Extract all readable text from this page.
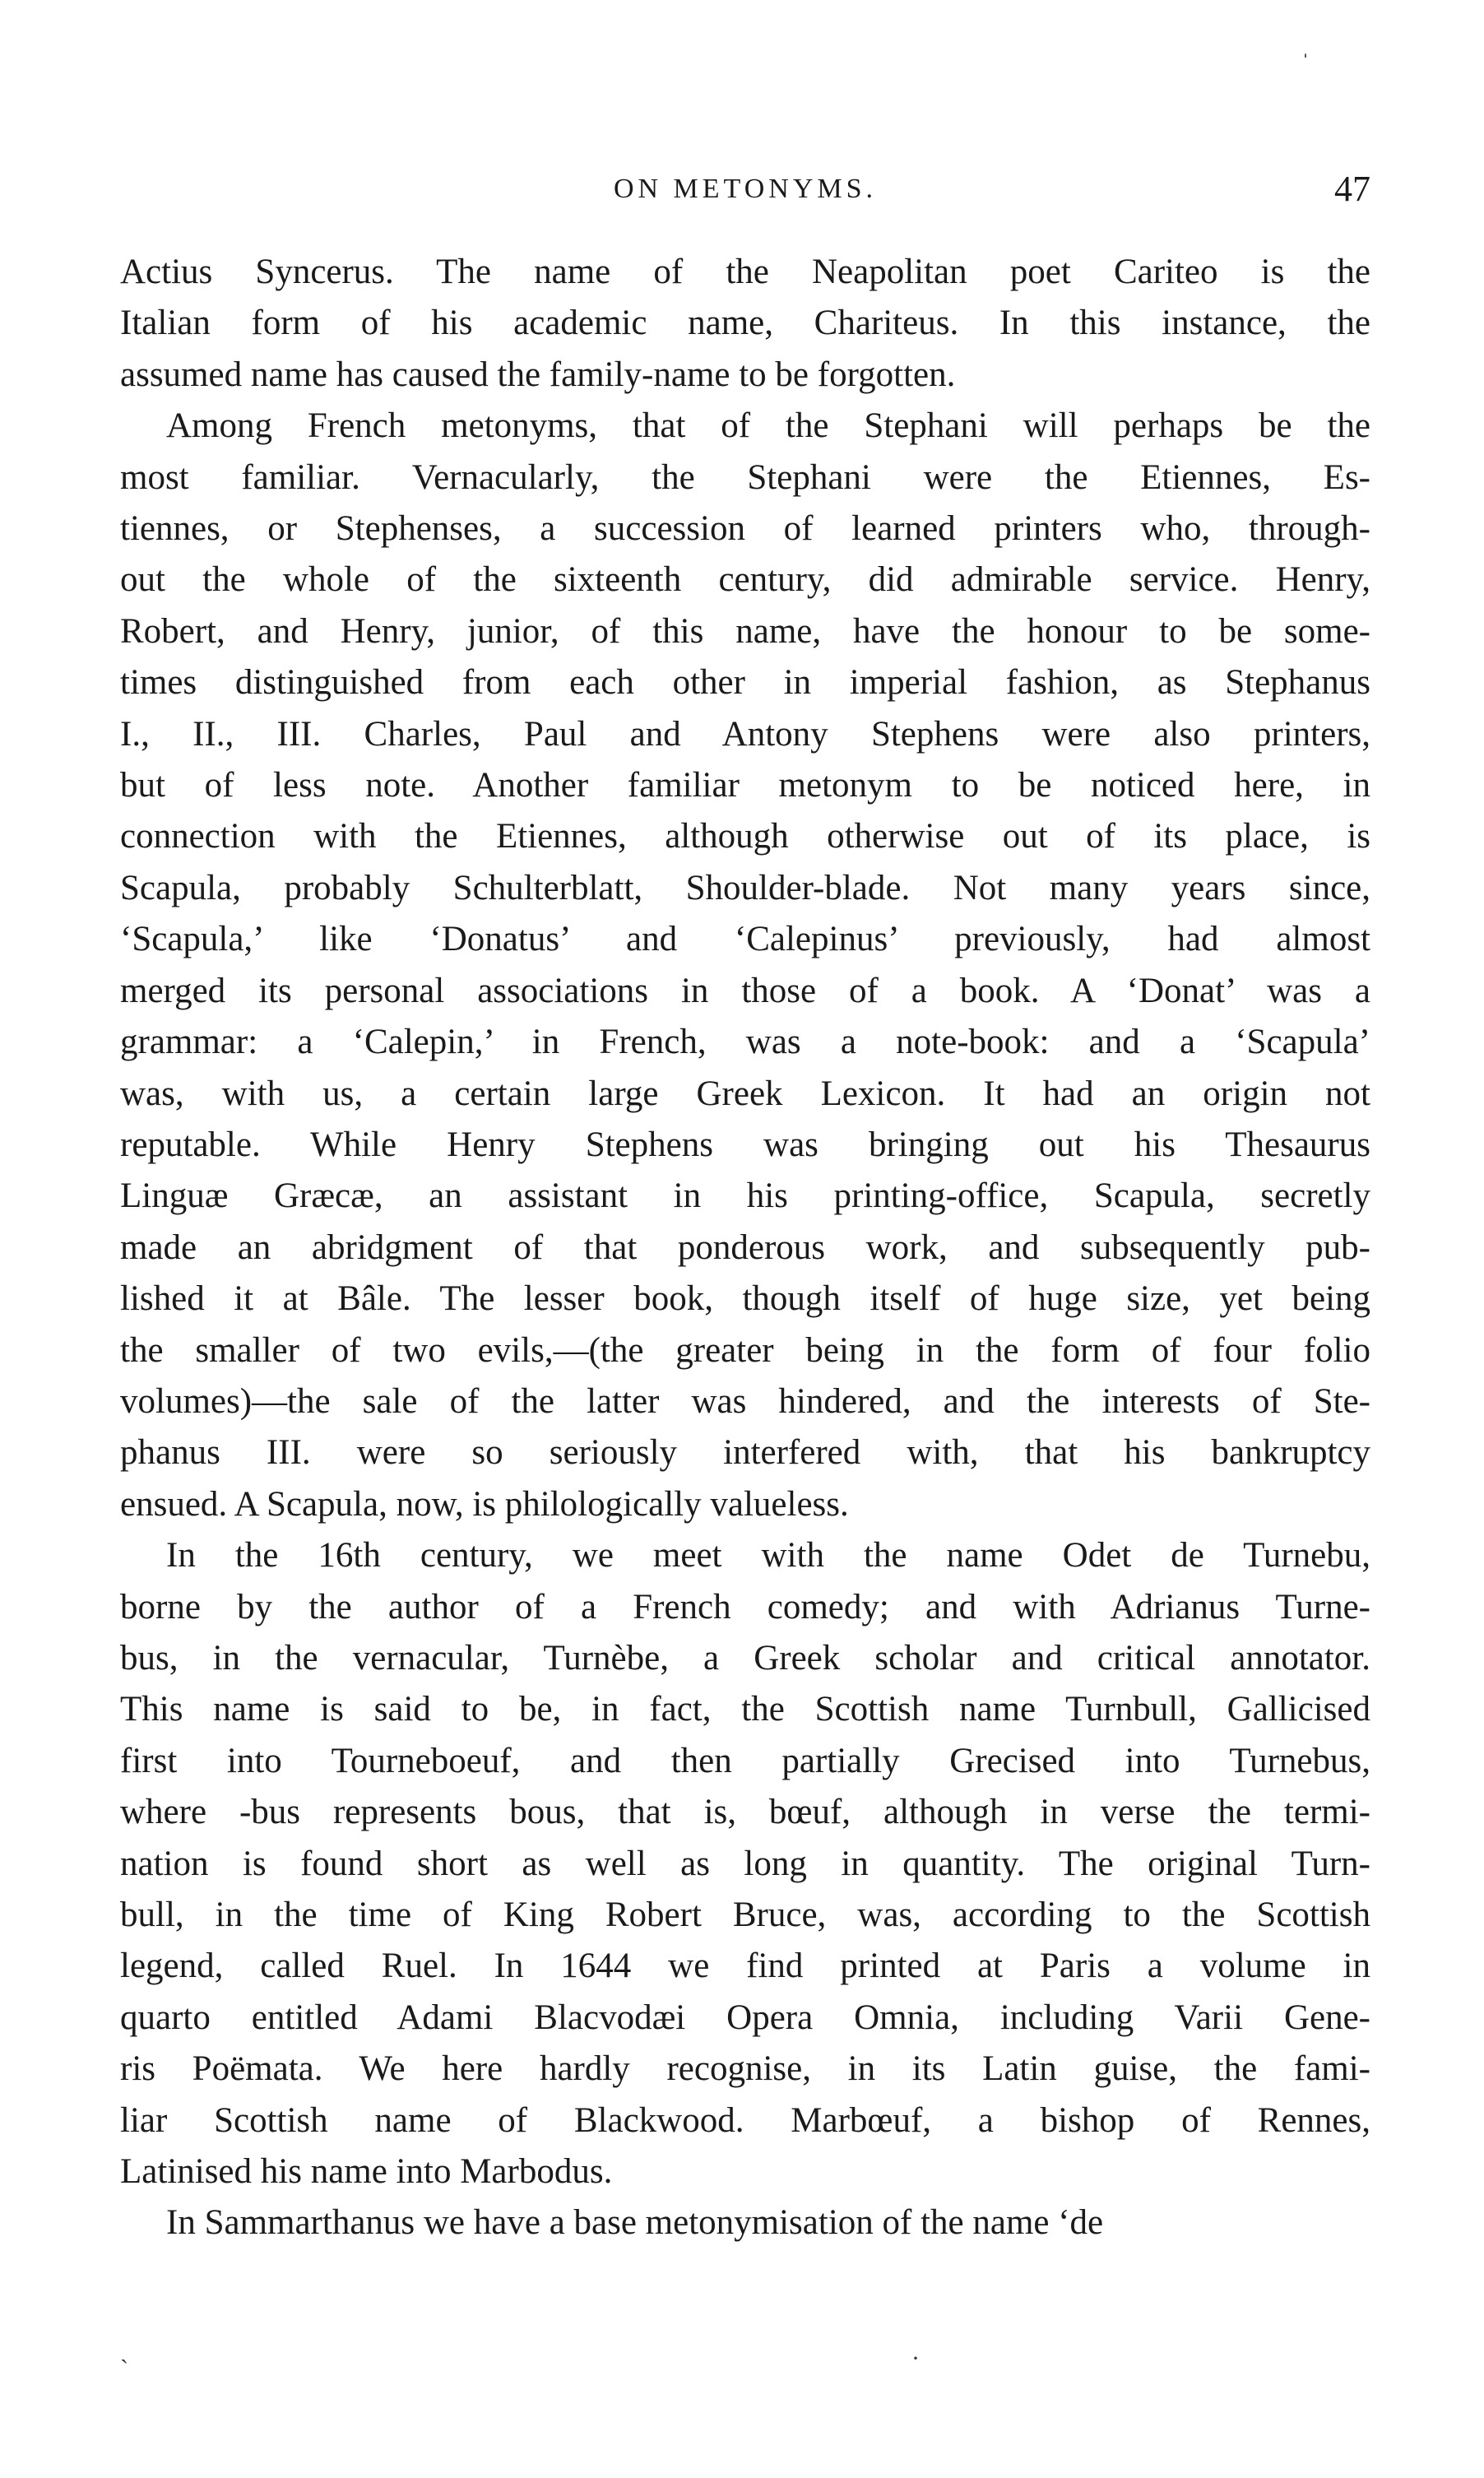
ˈ
ON METONYMS.	47

Actius Syncerus. The name of the Neapolitan poet Cariteo is the
Italian form of his academic name, Chariteus. In this instance, the
assumed name has caused the family-name to be forgotten.

Among French metonyms, that of the Stephani will perhaps be the
most familiar. Vernacularly, the Stephani were the Etiennes, Es-
tiennes, or Stephenses, a succession of learned printers who, through-
out the whole of the sixteenth century, did admirable service. Henry,
Robert, and Henry, junior, of this name, have the honour to be some-
times distinguished from each other in imperial fashion, as Stephanus
I., II., III. Charles, Paul and Antony Stephens were also printers,
but of less note. Another familiar metonym to be noticed here, in
connection with the Etiennes, although otherwise out of its place, is
Scapula, probably Schulterblatt, Shoulder-blade. Not many years since,
‘Scapula,’ like ‘Donatus’ and ‘Calepinus’ previously, had almost
merged its personal associations in those of a book. A ‘Donat’ was a
grammar: a ‘Calepin,’ in French, was a note-book: and a ‘Scapula’
was, with us, a certain large Greek Lexicon. It had an origin not
reputable. While Henry Stephens was bringing out his Thesaurus
Linguæ Græcæ, an assistant in his printing-office, Scapula, secretly
made an abridgment of that ponderous work, and subsequently pub-
lished it at Bâle. The lesser book, though itself of huge size, yet being
the smaller of two evils,—(the greater being in the form of four folio
volumes)—the sale of the latter was hindered, and the interests of Ste-
phanus III. were so seriously interfered with, that his bankruptcy
ensued. A Scapula, now, is philologically valueless.

In the 16th century, we meet with the name Odet de Turnebu,
borne by the author of a French comedy; and with Adrianus Turne-
bus, in the vernacular, Turnèbe, a Greek scholar and critical annotator.
This name is said to be, in fact, the Scottish name Turnbull, Gallicised
first into Tourneboeuf, and then partially Grecised into Turnebus,
where -bus represents bous, that is, bœuf, although in verse the termi-
nation is found short as well as long in quantity. The original Turn-
bull, in the time of King Robert Bruce, was, according to the Scottish
legend, called Ruel. In 1644 we find printed at Paris a volume in
quarto entitled Adami Blacvodæi Opera Omnia, including Varii Gene-
ris Poëmata. We here hardly recognise, in its Latin guise, the fami-
liar Scottish name of Blackwood. Marbœuf, a bishop of Rennes,
Latinised his name into Marbodus.

In Sammarthanus we have a base metonymisation of the name ‘de

ˎ	·
